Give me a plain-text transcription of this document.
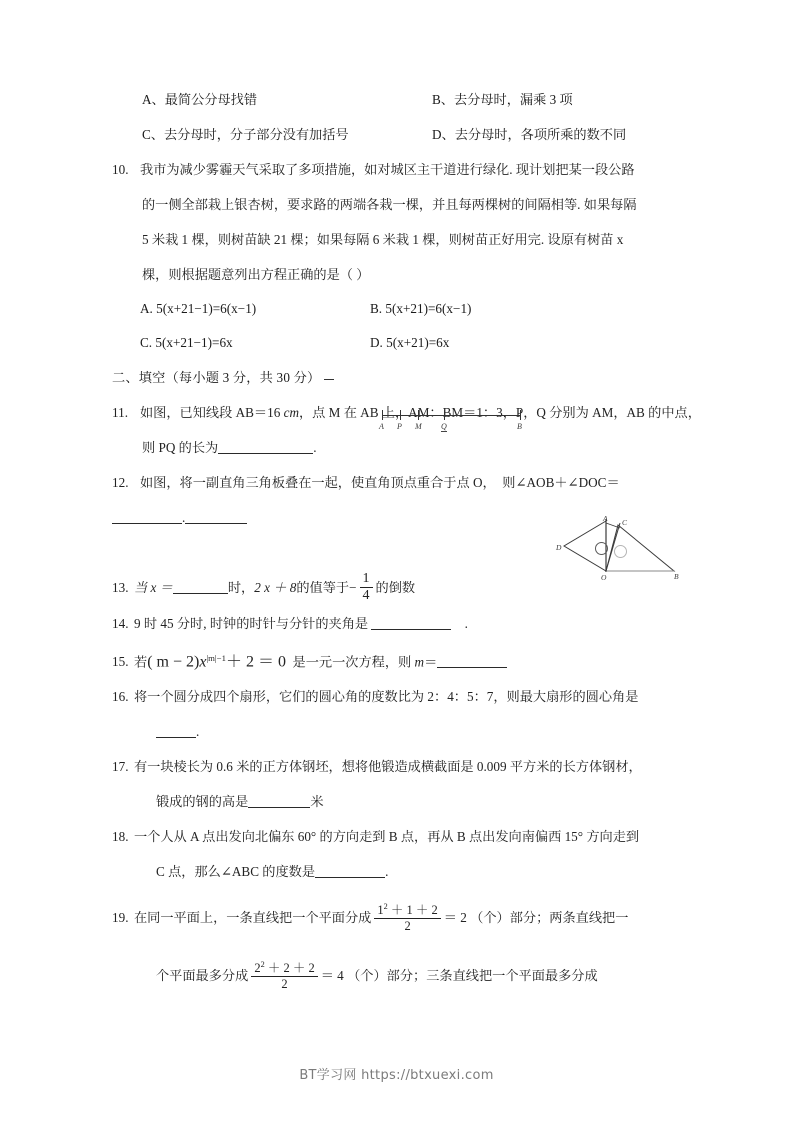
A、最简公分母找错	B、去分母时，漏乘 3 项
C、去分母时，分子部分没有加括号	D、去分母时，各项所乘的数不同
10. 我市为减少雾霾天气采取了多项措施，如对城区主干道进行绿化. 现计划把某一段公路
的一侧全部栽上银杏树，要求路的两端各栽一棵，并且每两棵树的间隔相等. 如果每隔
5 米栽 1 棵，则树苗缺 21 棵；如果每隔 6 米栽 1 棵，则树苗正好用完. 设原有树苗 x
棵，则根据题意列出方程正确的是（ ）
A. 5(x+21−1)=6(x−1)	B. 5(x+21)=6(x−1)
C. 5(x+21−1)=6x	D. 5(x+21)=6x
二、填空（每小题 3 分，共 30 分）
11. 如图，已知线段 AB＝16 cm，点 M 在 AB 上，AM：BM＝1：3，P，Q 分别为 AM，AB 的中点，
则 PQ 的长为	.
12. 如图，将一副直角三角板叠在一起，使直角顶点重合于点 O，　则∠AOB＋∠DOC＝
.

13. 当 x ＝	时，2 x ＋ 8的值等于− $\frac{1}{4}$ 的倒数
14. 9 时 45 分时, 时钟的时针与分针的夹角是	.
15. 若( $m - 2)x^{|m|-1}+ 2 = 0$ 是一元一次方程，则 m＝
16. 将一个圆分成四个扇形，它们的圆心角的度数比为 2：4：5：7，则最大扇形的圆心角是
.
17. 有一块棱长为 0.6 米的正方体钢坯，想将他锻造成横截面是 0.009 平方米的长方体钢材，
锻成的钢的高是	米
18. 一个人从 A 点出发向北偏东 60° 的方向走到 B 点，再从 B 点出发向南偏西 15° 方向走到
C 点，那么∠ABC 的度数是	.
19. 在同一平面上，一条直线把一个平面分成 $\frac{1^2 + 1 + 2}{2} = 2$ （个）部分；两条直线把一
个平面最多分成 $\frac{2^2 + 2 + 2}{2} = 4$ （个）部分；三条直线把一个平面最多分成
A P M Q	B
A C
D
O	B
BT学习网 https://btxuexi.com
